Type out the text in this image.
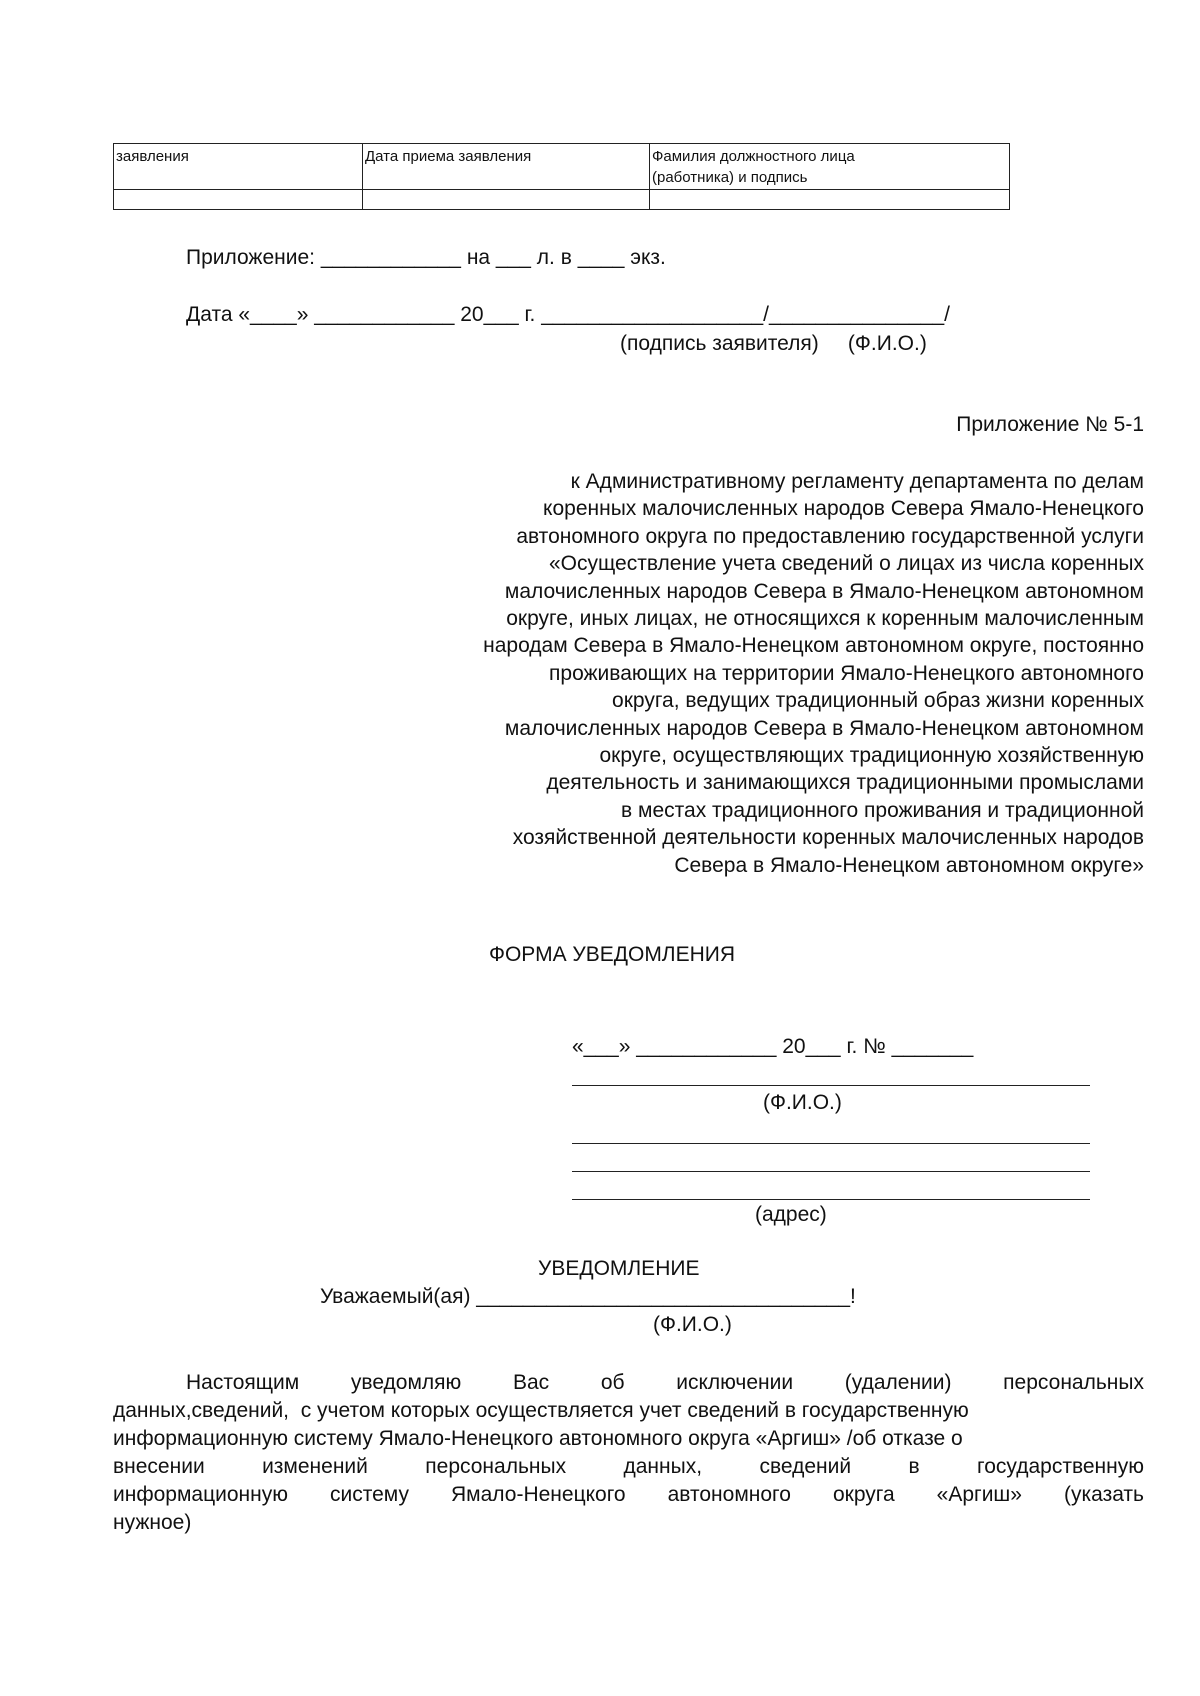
заявления	Дата приема заявления	Фамилия должностного лица
(работника) и подпись

Приложение: ____________ на ___ л. в ____ экз.
Дата «____» ____________ 20___ г. ___________________/_______________/
(подпись заявителя)     (Ф.И.О.)
Приложение № 5-1
к Административному регламенту департамента по делам
коренных малочисленных народов Севера Ямало-Ненецкого
автономного округа по предоставлению государственной услуги
«Осуществление учета сведений о лицах из числа коренных
малочисленных народов Севера в Ямало-Ненецком автономном
округе, иных лицах, не относящихся к коренным малочисленным
народам Севера в Ямало-Ненецком автономном округе, постоянно
проживающих на территории Ямало-Ненецкого автономного
округа, ведущих традиционный образ жизни коренных
малочисленных народов Севера в Ямало-Ненецком автономном
округе, осуществляющих традиционную хозяйственную
деятельность и занимающихся традиционными промыслами
в местах традиционного проживания и традиционной
хозяйственной деятельности коренных малочисленных народов
Севера в Ямало-Ненецком автономном округе»
ФОРМА УВЕДОМЛЕНИЯ
«___» ____________ 20___ г. № _______
(Ф.И.О.)
(адрес)
УВЕДОМЛЕНИЕ
Уважаемый(ая) ________________________________!
(Ф.И.О.)
Настоящим уведомляю Вас об исключении (удалении) персональных
данных,сведений,  с учетом которых осуществляется учет сведений в государственную
информационную систему Ямало-Ненецкого автономного округа «Аргиш» /об отказе о
внесении изменений персональных данных, сведений в государственную
информационную систему Ямало-Ненецкого автономного округа «Аргиш» (указать
нужное)
